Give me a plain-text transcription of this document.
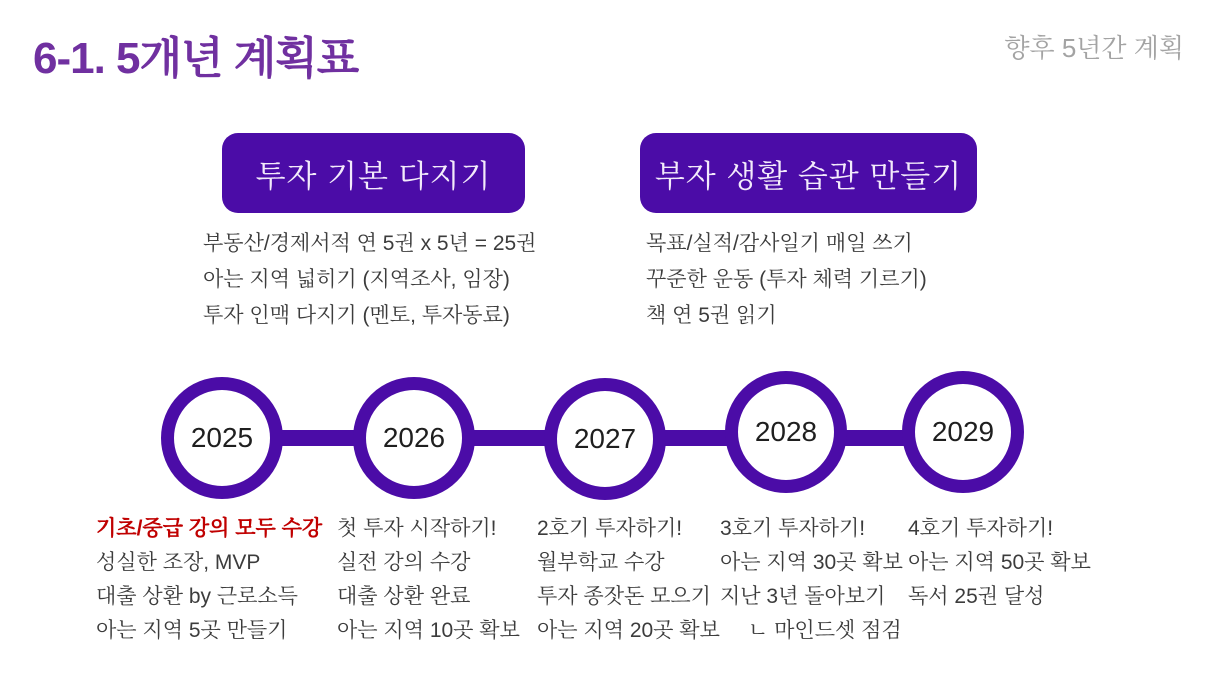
6-1. 5개년 계획표	향후 5년간 계획
투자 기본 다지기	부자 생활 습관 만들기
부동산/경제서적 연 5권 x 5년 = 25권
아는 지역 넓히기 (지역조사, 임장)
투자 인맥 다지기 (멘토, 투자동료)
목표/실적/감사일기 매일 쓰기
꾸준한 운동 (투자 체력 기르기)
책 연 5권 읽기
2025	2026	2027	2028	2029
기초/중급 강의 모두 수강
성실한 조장, MVP
대출 상환 by 근로소득
아는 지역 5곳 만들기
첫 투자 시작하기!
실전 강의 수강
대출 상환 완료
아는 지역 10곳 확보
2호기 투자하기!
월부학교 수강
투자 종잣돈 모으기
아는 지역 20곳 확보
3호기 투자하기!
아는 지역 30곳 확보
지난 3년 돌아보기
ㄴ 마인드셋 점검
4호기 투자하기!
아는 지역 50곳 확보
독서 25권 달성
